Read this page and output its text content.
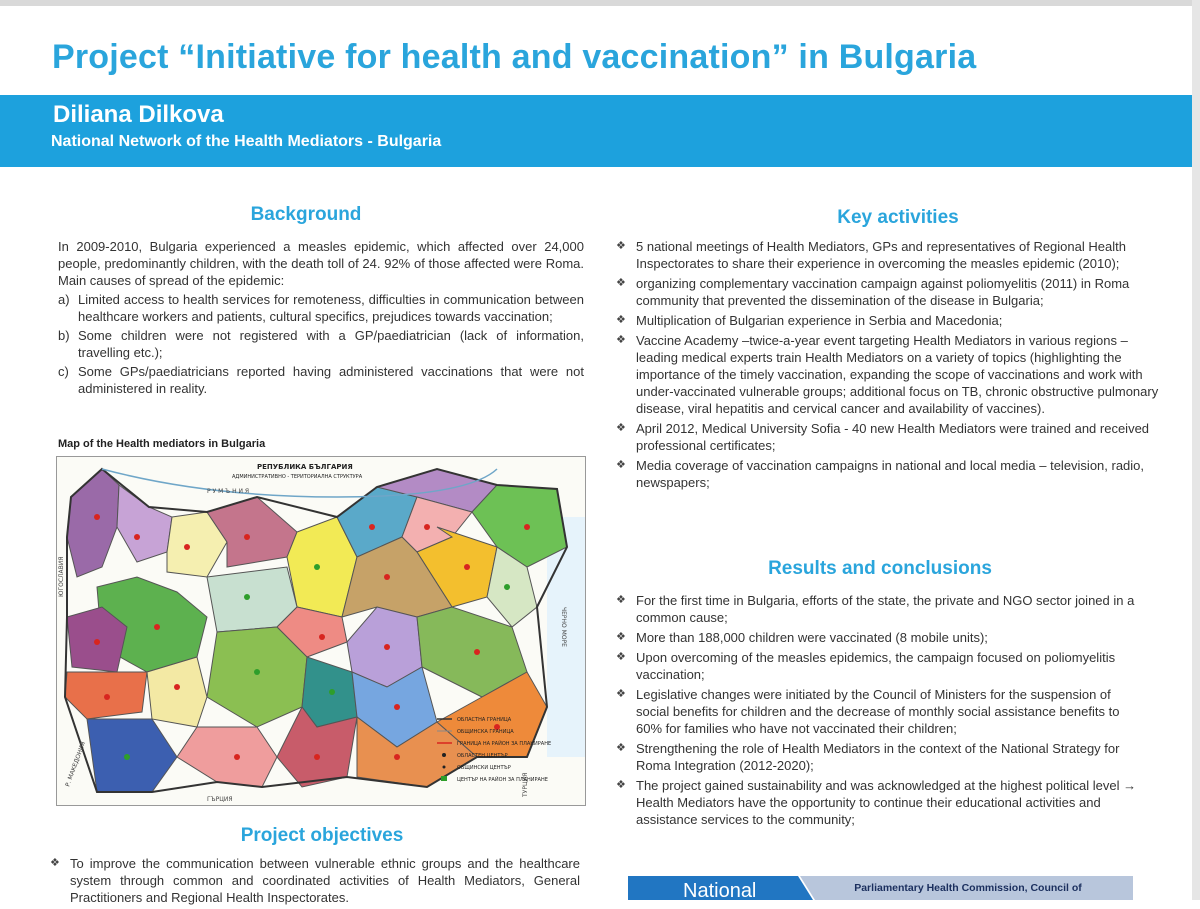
Project “Initiative for health and vaccination” in Bulgaria
Diliana Dilkova
National Network of the Health Mediators - Bulgaria
Background
In 2009-2010, Bulgaria experienced a measles epidemic, which affected over 24,000 people, predominantly children, with the death toll of 24. 92% of those affected were Roma. Main causes of spread of the epidemic:
a) Limited access to health services for remoteness, difficulties in communication between healthcare workers and patients, cultural specifics, prejudices towards vaccination;
b) Some children were not registered with a GP/paediatrician (lack of information, travelling etc.);
c) Some GPs/paediatricians reported having administered vaccinations that were not administered in reality.
Map of the Health mediators in Bulgaria
РЕПУБЛИКА БЪЛГАРИЯ
АДМИНИСТРАТИВНО - ТЕРИТОРИАЛНА СТРУКТУРА
Р У М Ъ Н И Я
ЮГОСЛАВИЯ
Р. МАКЕДОНИЯ
ГЪРЦИЯ
ТУРЦИЯ
ЧЕРНО МОРЕ
ОБЛАСТНА ГРАНИЦА
ОБЩИНСКА ГРАНИЦА
ГРАНИЦА НА РАЙОН ЗА ПЛАНИРАНЕ
ОБЛАСТЕН ЦЕНТЪР
ОБЩИНСКИ ЦЕНТЪР
ЦЕНТЪР НА РАЙОН ЗА ПЛАНИРАНЕ
Project objectives
❖ To improve the communication between vulnerable ethnic groups and the healthcare system through common and coordinated activities of Health Mediators, General Practitioners and Regional Health Inspectorates.
Key activities
❖ 5 national meetings of Health Mediators, GPs and representatives of Regional Health Inspectorates to share their experience in overcoming the measles epidemic (2010);
❖ organizing complementary vaccination campaign against poliomyelitis (2011) in Roma community that prevented the dissemination of the disease in Bulgaria;
❖ Multiplication of Bulgarian experience in Serbia and Macedonia;
❖ Vaccine Academy –twice-a-year event targeting Health Mediators in various regions – leading medical experts train Health Mediators on a variety of topics (highlighting the importance of the timely vaccination, expanding the scope of vaccinations and work with under-vaccinated vulnerable groups; additional focus on TB, chronic obstructive pulmonary disease, viral hepatitis and cervical cancer and availability of vaccines).
❖ April 2012, Medical University Sofia - 40 new Health Mediators were trained and received professional certificates;
❖ Media coverage of vaccination campaigns in national and local media – television, radio, newspapers;
Results and conclusions
❖ For the first time in Bulgaria, efforts of the state, the private and NGO sector joined in a common cause;
❖ More than 188,000 children were vaccinated (8 mobile units);
❖ Upon overcoming of the measles epidemics, the campaign focused on poliomyelitis vaccination;
❖ Legislative changes were initiated by the Council of Ministers for the suspension of social benefits for children and the decrease of monthly social assistance benefits to 60% for families who have not vaccinated their children;
❖ Strengthening the role of Health Mediators in the context of the National Strategy for Roma Integration (2012-2020);
❖ The project gained sustainability and was acknowledged at the highest political level → Health Mediators have the opportunity to continue their educational activities and assistance services to the community;
National	Parliamentary Health Commission, Council of
